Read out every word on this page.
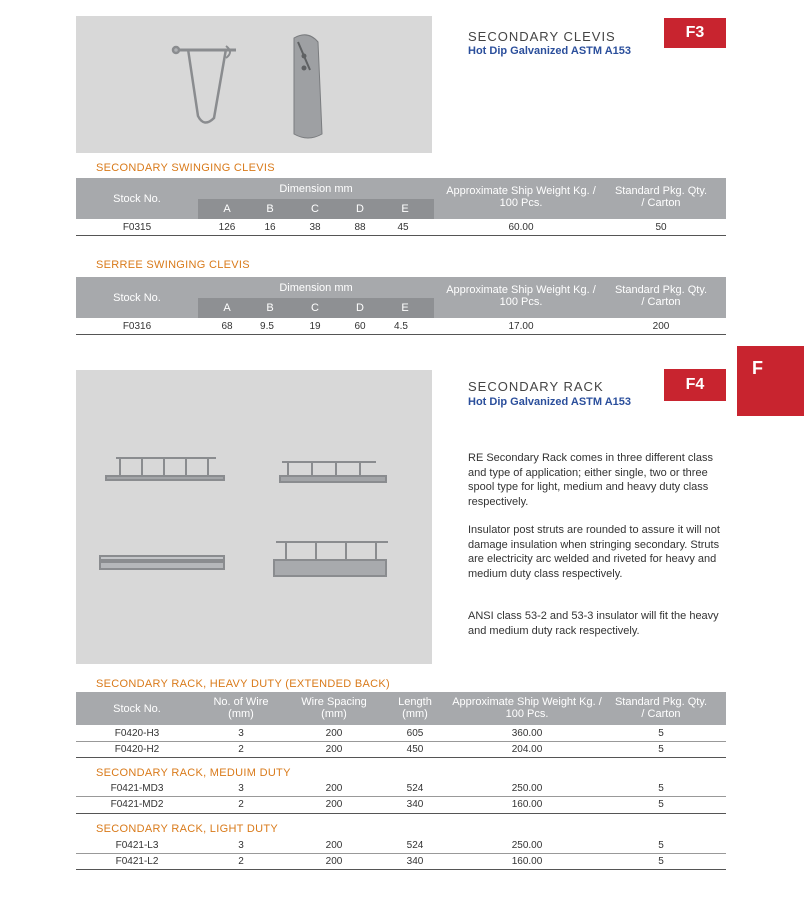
SECONDARY CLEVIS
Hot Dip Galvanized ASTM A153
F3
SECONDARY SWINGING CLEVIS
Stock No.
Dimension mm
A	B	C	D	E
Approximate Ship Weight Kg. / 100 Pcs.
Standard Pkg. Qty. / Carton
F0315	126	16	38	88	45	60.00	50
SERREE SWINGING CLEVIS
Stock No.
Dimension mm
A	B	C	D	E
Approximate Ship Weight Kg. / 100 Pcs.
Standard Pkg. Qty. / Carton
F0316	68	9.5	19	60	4.5	17.00	200
F
SECONDARY RACK
Hot Dip Galvanized ASTM A153
F4
RE Secondary Rack comes in three different class and type of application; either single, two or three spool type for light, medium and heavy duty class respectively.
Insulator post struts are rounded to assure it will not damage insulation when stringing secondary. Struts are electricity arc welded and riveted for heavy and medium duty class respectively.
ANSI class 53-2 and 53-3 insulator will fit the heavy and medium duty rack respectively.
SECONDARY RACK, HEAVY DUTY (EXTENDED BACK)
Stock No.
No. of Wire (mm)
Wire Spacing (mm)
Length (mm)
Approximate Ship Weight Kg. / 100 Pcs.
Standard Pkg. Qty. / Carton
F0420-H3	3	200	605	360.00	5
F0420-H2	2	200	450	204.00	5
SECONDARY RACK, MEDUIM DUTY
F0421-MD3	3	200	524	250.00	5
F0421-MD2	2	200	340	160.00	5
SECONDARY RACK, LIGHT DUTY
F0421-L3	3	200	524	250.00	5
F0421-L2	2	200	340	160.00	5
